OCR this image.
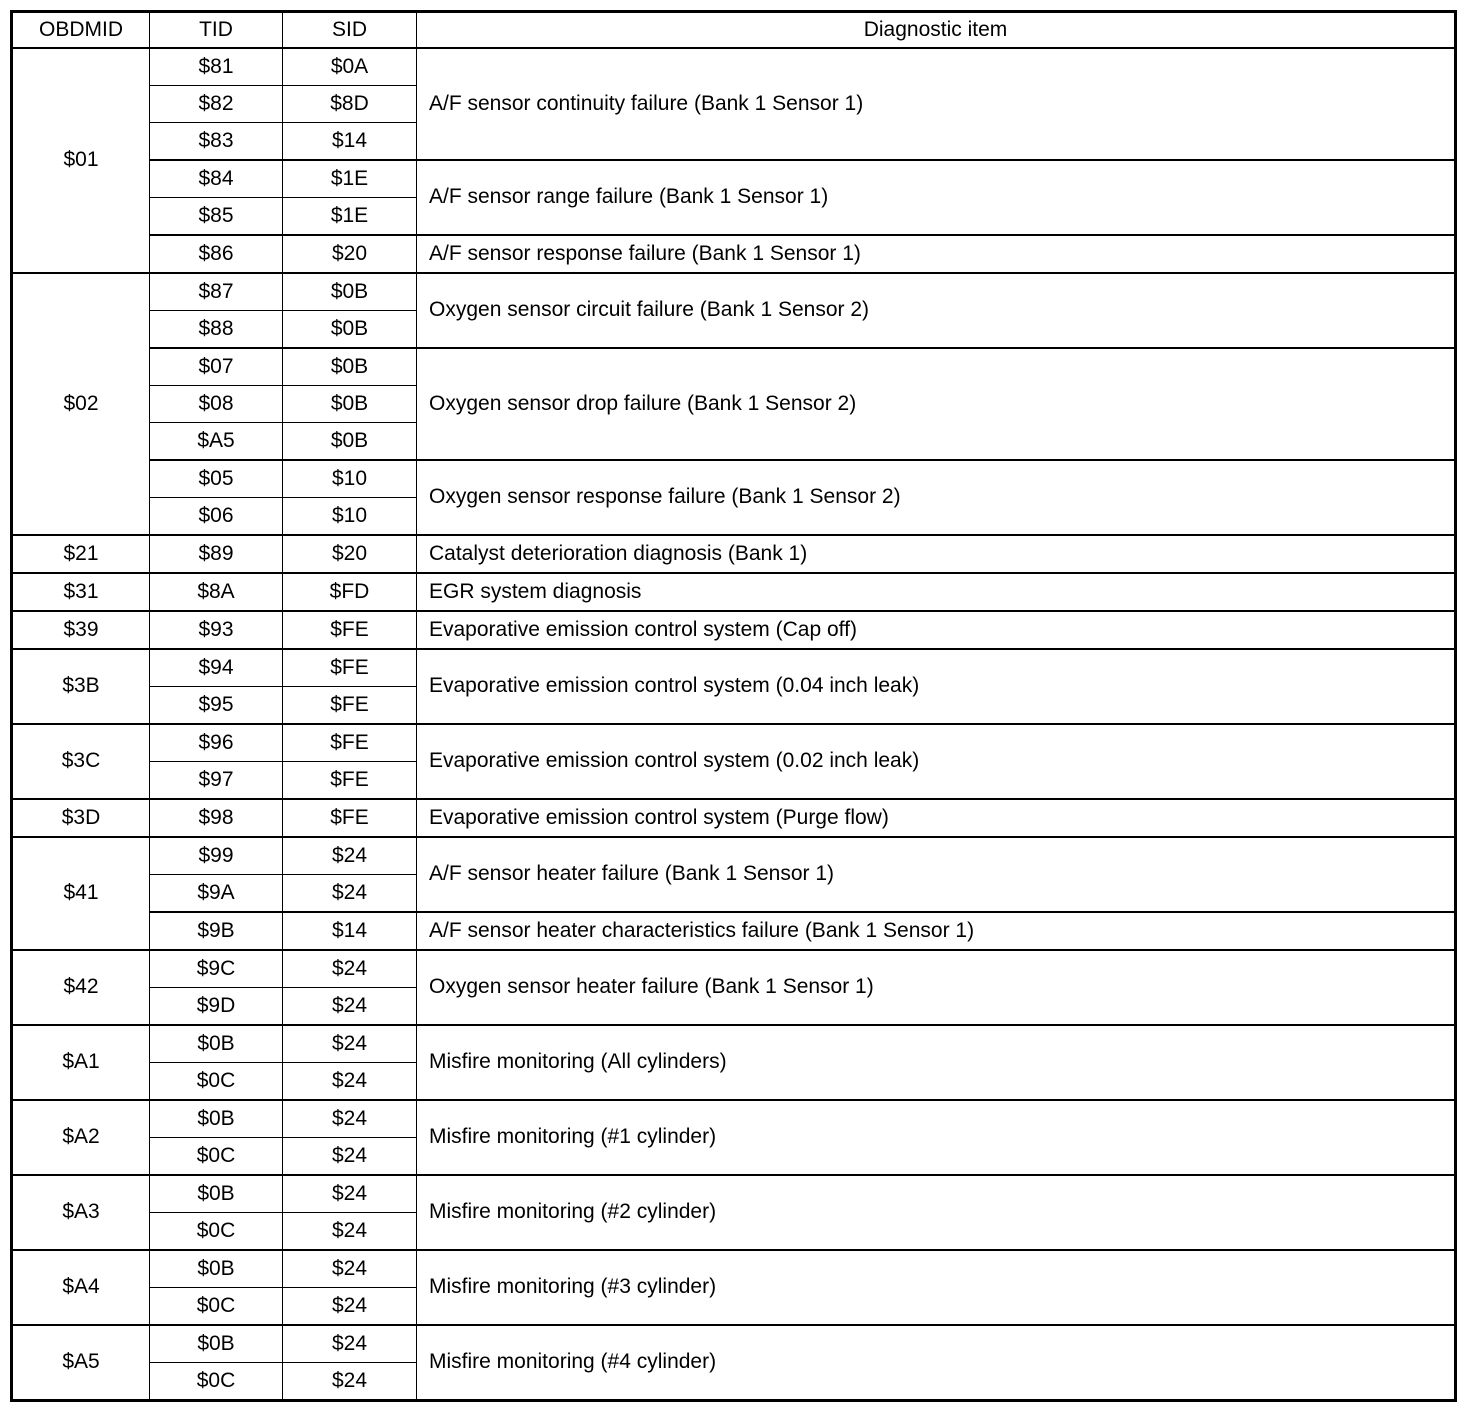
OBDMID	TID	SID	Diagnostic item
$01	$81	$0A	A/F sensor continuity failure (Bank 1 Sensor 1)
	$82	$8D	
	$83	$14	
	$84	$1E	A/F sensor range failure (Bank 1 Sensor 1)
	$85	$1E	
	$86	$20	A/F sensor response failure (Bank 1 Sensor 1)
$02	$87	$0B	Oxygen sensor circuit failure (Bank 1 Sensor 2)
	$88	$0B	
	$07	$0B	Oxygen sensor drop failure (Bank 1 Sensor 2)
	$08	$0B	
	$A5	$0B	
	$05	$10	Oxygen sensor response failure (Bank 1 Sensor 2)
	$06	$10	
$21	$89	$20	Catalyst deterioration diagnosis (Bank 1)
$31	$8A	$FD	EGR system diagnosis
$39	$93	$FE	Evaporative emission control system (Cap off)
$3B	$94	$FE	Evaporative emission control system (0.04 inch leak)
	$95	$FE	
$3C	$96	$FE	Evaporative emission control system (0.02 inch leak)
	$97	$FE	
$3D	$98	$FE	Evaporative emission control system (Purge flow)
$41	$99	$24	A/F sensor heater failure (Bank 1 Sensor 1)
	$9A	$24	
	$9B	$14	A/F sensor heater characteristics failure (Bank 1 Sensor 1)
$42	$9C	$24	Oxygen sensor heater failure (Bank 1 Sensor 1)
	$9D	$24	
$A1	$0B	$24	Misfire monitoring (All cylinders)
	$0C	$24	
$A2	$0B	$24	Misfire monitoring (#1 cylinder)
	$0C	$24	
$A3	$0B	$24	Misfire monitoring (#2 cylinder)
	$0C	$24	
$A4	$0B	$24	Misfire monitoring (#3 cylinder)
	$0C	$24	
$A5	$0B	$24	Misfire monitoring (#4 cylinder)
	$0C	$24	
